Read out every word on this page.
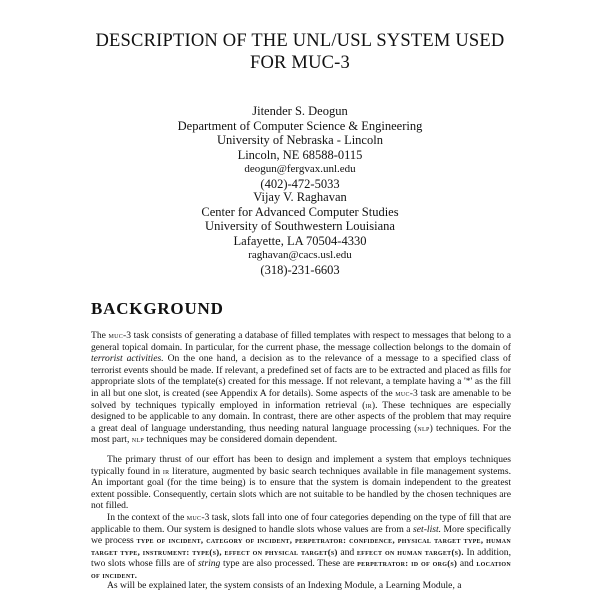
DESCRIPTION OF THE UNL/USL SYSTEM USED
FOR MUC-3
Jitender S. Deogun
Department of Computer Science & Engineering
University of Nebraska - Lincoln
Lincoln, NE 68588-0115
deogun@fergvax.unl.edu
(402)-472-5033
Vijay V. Raghavan
Center for Advanced Computer Studies
University of Southwestern Louisiana
Lafayette, LA 70504-4330
raghavan@cacs.usl.edu
(318)-231-6603
BACKGROUND

The muc-3 task consists of generating a database of filled templates with respect to messages that belong to a general topical domain. In particular, for the current phase, the message collection belongs to the domain of terrorist activities. On the one hand, a decision as to the relevance of a message to a specified class of terrorist events should be made. If relevant, a predefined set of facts are to be extracted and placed as fills for appropriate slots of the template(s) created for this message. If not relevant, a template having a '*' as the fill in all but one slot, is created (see Appendix A for details). Some aspects of the muc-3 task are amenable to be solved by techniques typically employed in information retrieval (ir). These techniques are especially designed to be applicable to any domain. In contrast, there are other aspects of the problem that may require a great deal of language understanding, thus needing natural language processing (nlp) techniques. For the most part, nlp techniques may be considered domain dependent.

The primary thrust of our effort has been to design and implement a system that employs techniques typically found in ir literature, augmented by basic search techniques available in file management systems. An important goal (for the time being) is to ensure that the system is domain independent to the greatest extent possible. Consequently, certain slots which are not suitable to be handled by the chosen techniques are not filled.

In the context of the muc-3 task, slots fall into one of four categories depending on the type of fill that are applicable to them. Our system is designed to handle slots whose values are from a set-list. More specifically we process type of incident, category of incident, perpetrator: confidence, physical target type, human target type, instrument: type(s), effect on physical target(s) and effect on human target(s). In addition, two slots whose fills are of string type are also processed. These are perpetrator: id of org(s) and location of incident.

As will be explained later, the system consists of an Indexing Module, a Learning Module, a
